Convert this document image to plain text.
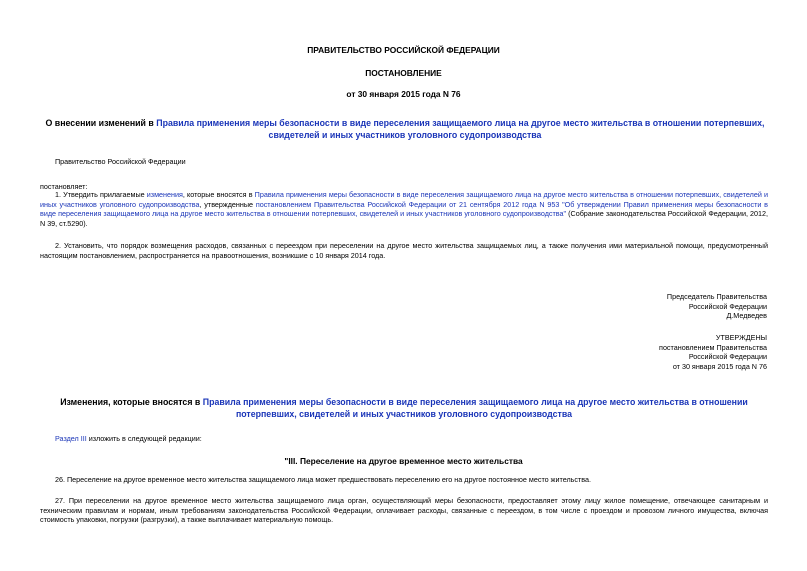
ПРАВИТЕЛЬСТВО РОССИЙСКОЙ ФЕДЕРАЦИИ
ПОСТАНОВЛЕНИЕ
от 30 января 2015 года N 76
О внесении изменений в Правила применения меры безопасности в виде переселения защищаемого лица на другое место жительства в отношении потерпевших, свидетелей и иных участников уголовного судопроизводства
Правительство Российской Федерации
постановляет:
1. Утвердить прилагаемые изменения, которые вносятся в Правила применения меры безопасности в виде переселения защищаемого лица на другое место жительства в отношении потерпевших, свидетелей и иных участников уголовного судопроизводства, утвержденные постановлением Правительства Российской Федерации от 21 сентября 2012 года N 953 "Об утверждении Правил применения меры безопасности в виде переселения защищаемого лица на другое место жительства в отношении потерпевших, свидетелей и иных участников уголовного судопроизводства" (Собрание законодательства Российской Федерации, 2012, N 39, ст.5290).
2. Установить, что порядок возмещения расходов, связанных с переездом при переселении на другое место жительства защищаемых лиц, а также получения ими материальной помощи, предусмотренный настоящим постановлением, распространяется на правоотношения, возникшие с 10 января 2014 года.
Председатель Правительства
Российской Федерации
Д.Медведев
УТВЕРЖДЕНЫ
постановлением Правительства
Российской Федерации
от 30 января 2015 года N 76
Изменения, которые вносятся в Правила применения меры безопасности в виде переселения защищаемого лица на другое место жительства в отношении потерпевших, свидетелей и иных участников уголовного судопроизводства
Раздел III изложить в следующей редакции:
"III. Переселение на другое временное место жительства
26. Переселение на другое временное место жительства защищаемого лица может предшествовать переселению его на другое постоянное место жительства.
27. При переселении на другое временное место жительства защищаемого лица орган, осуществляющий меры безопасности, предоставляет этому лицу жилое помещение, отвечающее санитарным и техническим правилам и нормам, иным требованиям законодательства Российской Федерации, оплачивает расходы, связанные с переездом, в том числе с проездом и провозом личного имущества, включая стоимость упаковки, погрузки (разгрузки), а также выплачивает материальную помощь.
